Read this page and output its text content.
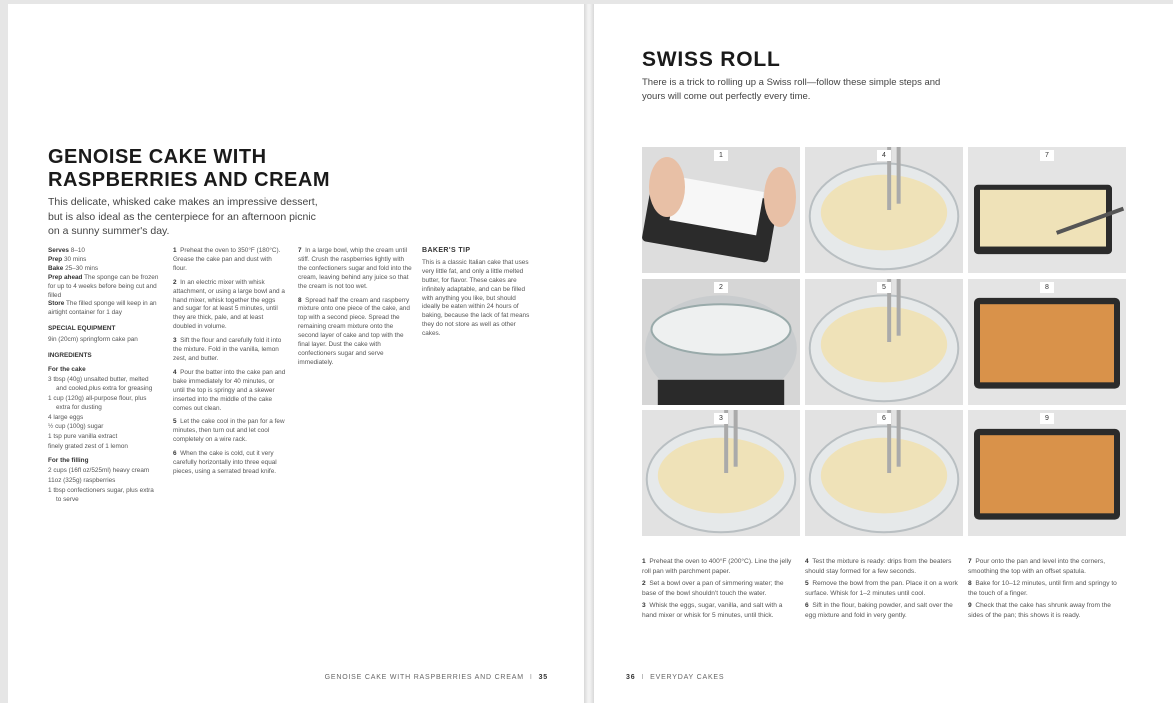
GENOISE CAKE WITH
RASPBERRIES AND CREAM

This delicate, whisked cake makes an impressive dessert, but is also ideal as the centerpiece for an afternoon picnic on a sunny summer's day.

Serves 8–10
Prep 30 mins
Bake 25–30 mins
Prep ahead The sponge can be frozen for up to 4 weeks before being cut and filled
Store The filled sponge will keep in an airtight container for 1 day
SPECIAL EQUIPMENT
9in (20cm) springform cake pan
INGREDIENTS
For the cake
3 tbsp (40g) unsalted butter, melted and cooled,plus extra for greasing
1 cup (120g) all-purpose flour, plus extra for dusting
4 large eggs
½ cup (100g) sugar
1 tsp pure vanilla extract
finely grated zest of 1 lemon
For the filling
2 cups (16fl oz/525ml) heavy cream
11oz (325g) raspberries
1 tbsp confectioners sugar, plus extra to serve
1 Preheat the oven to 350°F (180°C). Grease the cake pan and dust with flour.
2 In an electric mixer with whisk attachment, or using a large bowl and a hand mixer, whisk together the eggs and sugar for at least 5 minutes, until they are thick, pale, and at least doubled in volume.
3 Sift the flour and carefully fold it into the mixture. Fold in the vanilla, lemon zest, and butter.
4 Pour the batter into the cake pan and bake immediately for 40 minutes, or until the top is springy and a skewer inserted into the middle of the cake comes out clean.
5 Let the cake cool in the pan for a few minutes, then turn out and let cool completely on a wire rack.
6 When the cake is cold, cut it very carefully horizontally into three equal pieces, using a serrated bread knife.
7 In a large bowl, whip the cream until stiff. Crush the raspberries lightly with the confectioners sugar and fold into the cream, leaving behind any juice so that the cream is not too wet.
8 Spread half the cream and raspberry mixture onto one piece of the cake, and top with a second piece. Spread the remaining cream mixture onto the second layer of cake and top with the final layer. Dust the cake with confectioners sugar and serve immediately.
BAKER'S TIP
This is a classic Italian cake that uses very little fat, and only a little melted butter, for flavor. These cakes are infinitely adaptable, and can be filled with anything you like, but should ideally be eaten within 24 hours of baking, because the lack of fat means they do not store as well as other cakes.
GENOISE CAKE WITH RASPBERRIES AND CREAM I 35
SWISS ROLL

There is a trick to rolling up a Swiss roll—follow these simple steps and yours will come out perfectly every time.

1	4	7
2	5	8
3	6	9
1 Preheat the oven to 400°F (200°C). Line the jelly roll pan with parchment paper.
2 Set a bowl over a pan of simmering water; the base of the bowl shouldn't touch the water.
3 Whisk the eggs, sugar, vanilla, and salt with a hand mixer or whisk for 5 minutes, until thick.
4 Test the mixture is ready: drips from the beaters should stay formed for a few seconds.
5 Remove the bowl from the pan. Place it on a work surface. Whisk for 1–2 minutes until cool.
6 Sift in the flour, baking powder, and salt over the egg mixture and fold in very gently.
7 Pour onto the pan and level into the corners, smoothing the top with an offset spatula.
8 Bake for 10–12 minutes, until firm and springy to the touch of a finger.
9 Check that the cake has shrunk away from the sides of the pan; this shows it is ready.
36 I EVERYDAY CAKES
